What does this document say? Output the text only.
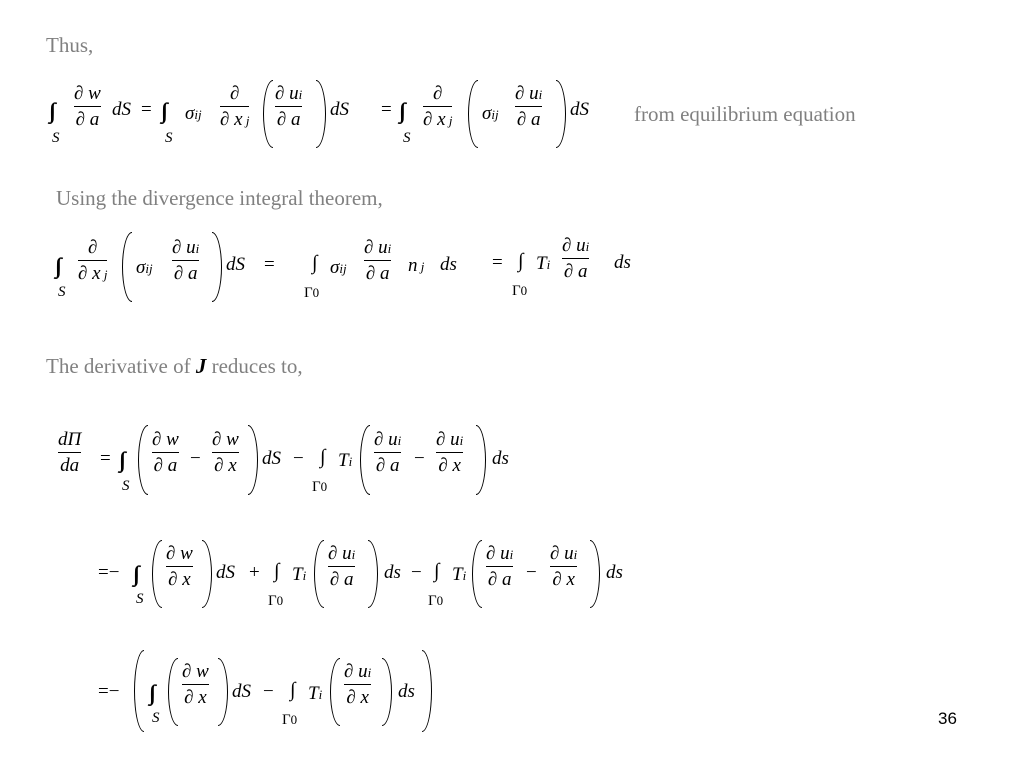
Thus,
from equilibrium equation
Using the divergence integral theorem,
The derivative of J reduces to,
36
S
∂ w
∂ a dS =
S
σij
∂
∂ x j
∂ ui
∂ a dS =
S
∂
∂ x j σij
∂ ui
∂ a dS
S
∂
∂ x j σij
∂ ui
∂ a dS = ∫
Γ0
σij
∂ ui
∂ a n j ds = ∫
Γ0
Ti
∂ ui
∂ a ds
dΠ
da =
S
∂ w
∂ a −
∂ w
∂ x dS − ∫
Γ0
Ti
∂ ui
∂ a −
∂ ui
∂ x ds
=−
S
∂ w
∂ x dS + ∫
Γ0
Ti
∂ ui
∂ a ds − ∫
Γ0
Ti
∂ ui
∂ a −
∂ ui
∂ x ds
=−
S
∂ w
∂ x dS − ∫
Γ0
Ti
∂ ui
∂ x ds
